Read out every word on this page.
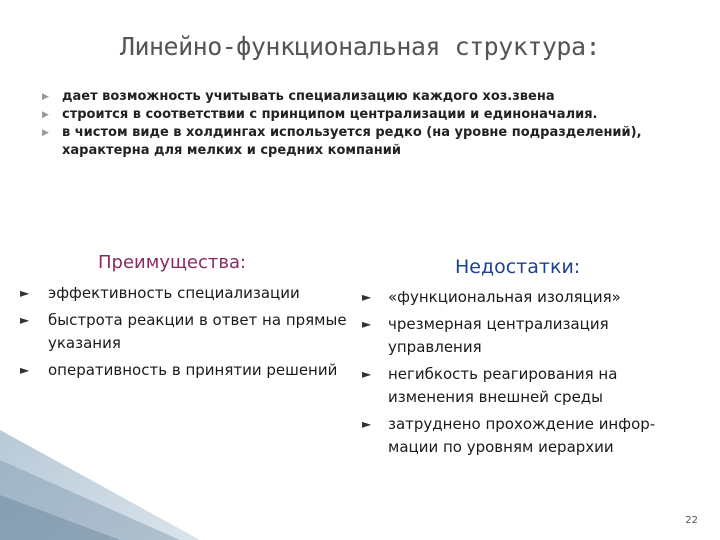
Линейно-функциональная структура:
▶ дает возможность учитывать специализацию каждого хоз.звена
▶ строится в соответствии с принципом централизации и единоначалия.
▶ в чистом виде в холдингах используется редко (на уровне подразделений), характерна для мелких и средних компаний
Преимущества:	Недостатки:
► эффективность специализации
► быстрота реакции в ответ на прямые указания
► оперативность в принятии решений
► «функциональная изоляция»
► чрезмерная централизация управления
► негибкость реагирования на изменения внешней среды
► затруднено прохождение инфор-мации по уровням иерархии
22
